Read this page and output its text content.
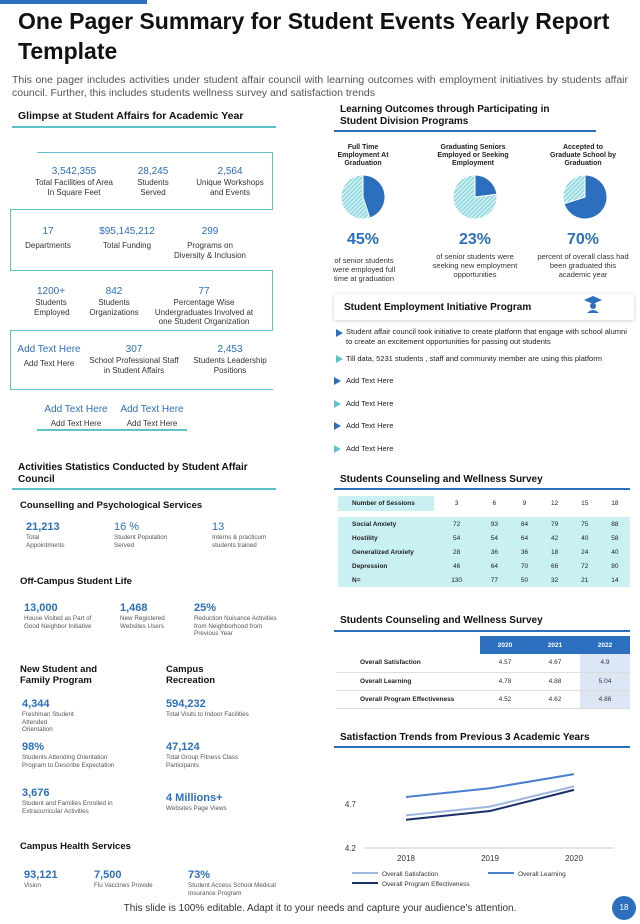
One Pager Summary for Student Events Yearly Report Template
This one pager includes activities under student affair council with learning outcomes with employment initiatives by students affair council. Further, this includes students wellness survey and satisfaction trends
Glimpse at Student Affairs for Academic Year
3,542,355
Total Facilities of Area In Square Feet
28,245
Students Served
2,564
Unique Workshops and Events
17
Departments
$95,145,212
Total Funding
299
Programs on Diversity & Inclusion
1200+
Students Employed
842
Students Organizations
77
Percentage Wise Undergraduates Involved at one Student Organization
Add Text Here
Add Text Here
307
School Professional Staff in Student Affairs
2,453
Students Leadership Positions
Add Text Here
Add Text Here
Add Text Here
Add Text Here
Activities Statistics Conducted by Student Affair Council
Counselling and Psychological Services
21,213
Total Appointments
16 %
Student Population Served
13
Interns & practicum students trained
Off-Campus Student Life
13,000
House Visited as Part of Good Neighbor Initiative
1,468
New Registered Websites Users
25%
Reduction Nuisance Activities from Neighborhood from Previous Year
New Student and Family Program
4,344
Freshman Student Attended Orientation
98%
Students Attending Orientation Program to Describe Expectation
3,676
Student and Families Enrolled in Extracurricular Activities
Campus Recreation
594,232
Total Visits to Indoor Facilities
47,124
Total Group Fitness Class Participants
4 Millions+
Websites Page Views
Campus Health Services
93,121
Vision
7,500
Flu Vaccines Provide
73%
Student Access School Medical Insurance Program
Learning Outcomes through Participating in Student Division Programs
Full Time Employment At Graduation
Graduating Seniors Employed or Seeking Employment
Accepted to Graduate School by Graduation
45%	23%	70%
of senior students were employed full time at graduation
of senior students were seeking new employment opportunities
percent of overall class had been graduated this academic year
Student Employment Initiative Program
Student affair council took initiative to create platform that engage with school alumni to create an excitement opportunities for passing out students
Till data, 5231 students , staff and community member are using this platform
Add Text Here
Add Text Here
Add Text Here
Add Text Here
Students Counseling and Wellness Survey
Number of Sessions	3	6	9	12	15	18

Social Anxiety	72	93	84	79	75	88
Hostility	54	54	64	42	40	58
Generalized Anxiety	28	36	36	18	24	40
Depression	46	64	70	66	72	80
N=	130	77	50	32	21	14
Students Counseling and Wellness Survey
	2020	2021	2022
Overall Satisfaction	4.57	4.67	4.9
Overall Learning	4.78	4.88	5.04
Overall Program Effectiveness	4.52	4.62	4.86
Satisfaction Trends from Previous 3 Academic Years
4.7
4.2
2018	2019	2020
Overall Satisfaction	Overall Learning
Overall Program Effectiveness
This slide is 100% editable. Adapt it to your needs and capture your audience's attention.	18
